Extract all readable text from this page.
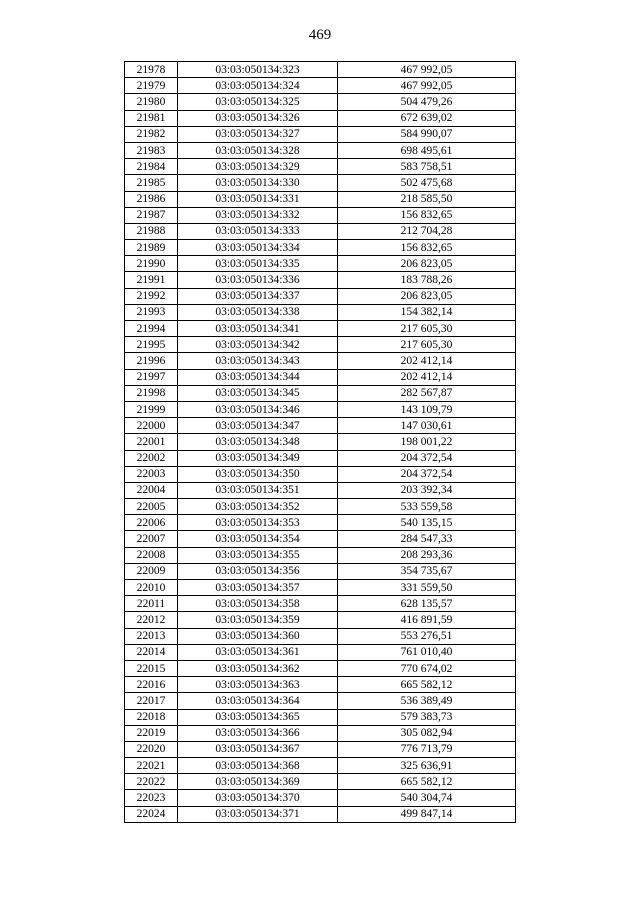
469
21978	03:03:050134:323	467 992,05
21979	03:03:050134:324	467 992,05
21980	03:03:050134:325	504 479,26
21981	03:03:050134:326	672 639,02
21982	03:03:050134:327	584 990,07
21983	03:03:050134:328	698 495,61
21984	03:03:050134:329	583 758,51
21985	03:03:050134:330	502 475,68
21986	03:03:050134:331	218 585,50
21987	03:03:050134:332	156 832,65
21988	03:03:050134:333	212 704,28
21989	03:03:050134:334	156 832,65
21990	03:03:050134:335	206 823,05
21991	03:03:050134:336	183 788,26
21992	03:03:050134:337	206 823,05
21993	03:03:050134:338	154 382,14
21994	03:03:050134:341	217 605,30
21995	03:03:050134:342	217 605,30
21996	03:03:050134:343	202 412,14
21997	03:03:050134:344	202 412,14
21998	03:03:050134:345	282 567,87
21999	03:03:050134:346	143 109,79
22000	03:03:050134:347	147 030,61
22001	03:03:050134:348	198 001,22
22002	03:03:050134:349	204 372,54
22003	03:03:050134:350	204 372,54
22004	03:03:050134:351	203 392,34
22005	03:03:050134:352	533 559,58
22006	03:03:050134:353	540 135,15
22007	03:03:050134:354	284 547,33
22008	03:03:050134:355	208 293,36
22009	03:03:050134:356	354 735,67
22010	03:03:050134:357	331 559,50
22011	03:03:050134:358	628 135,57
22012	03:03:050134:359	416 891,59
22013	03:03:050134:360	553 276,51
22014	03:03:050134:361	761 010,40
22015	03:03:050134:362	770 674,02
22016	03:03:050134:363	665 582,12
22017	03:03:050134:364	536 389,49
22018	03:03:050134:365	579 383,73
22019	03:03:050134:366	305 082,94
22020	03:03:050134:367	776 713,79
22021	03:03:050134:368	325 636,91
22022	03:03:050134:369	665 582,12
22023	03:03:050134:370	540 304,74
22024	03:03:050134:371	499 847,14
